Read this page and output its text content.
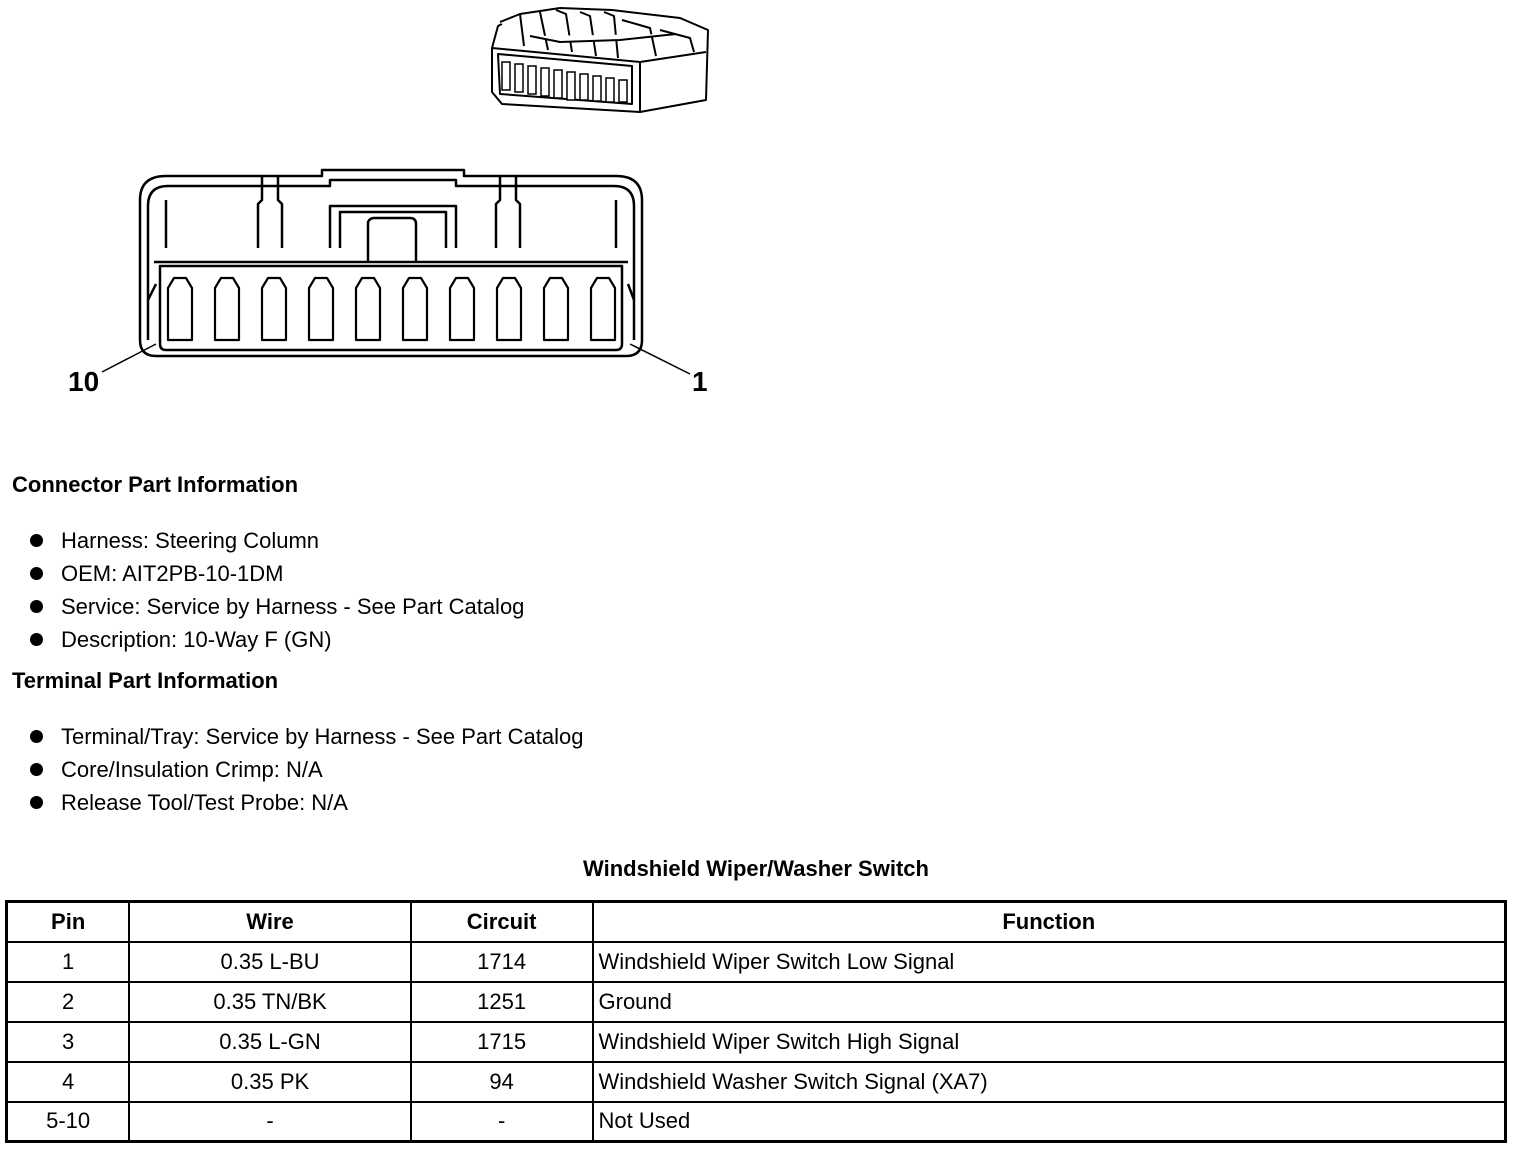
10	1
Connector Part Information
Harness: Steering Column
OEM: AIT2PB-10-1DM
Service: Service by Harness - See Part Catalog
Description: 10-Way F (GN)
Terminal Part Information
Terminal/Tray: Service by Harness - See Part Catalog
Core/Insulation Crimp: N/A
Release Tool/Test Probe: N/A
Windshield Wiper/Washer Switch
Pin	Wire	Circuit	Function
1	0.35 L-BU	1714	Windshield Wiper Switch Low Signal
2	0.35 TN/BK	1251	Ground
3	0.35 L-GN	1715	Windshield Wiper Switch High Signal
4	0.35 PK	94	Windshield Washer Switch Signal (XA7)
5-10	-	-	Not Used
